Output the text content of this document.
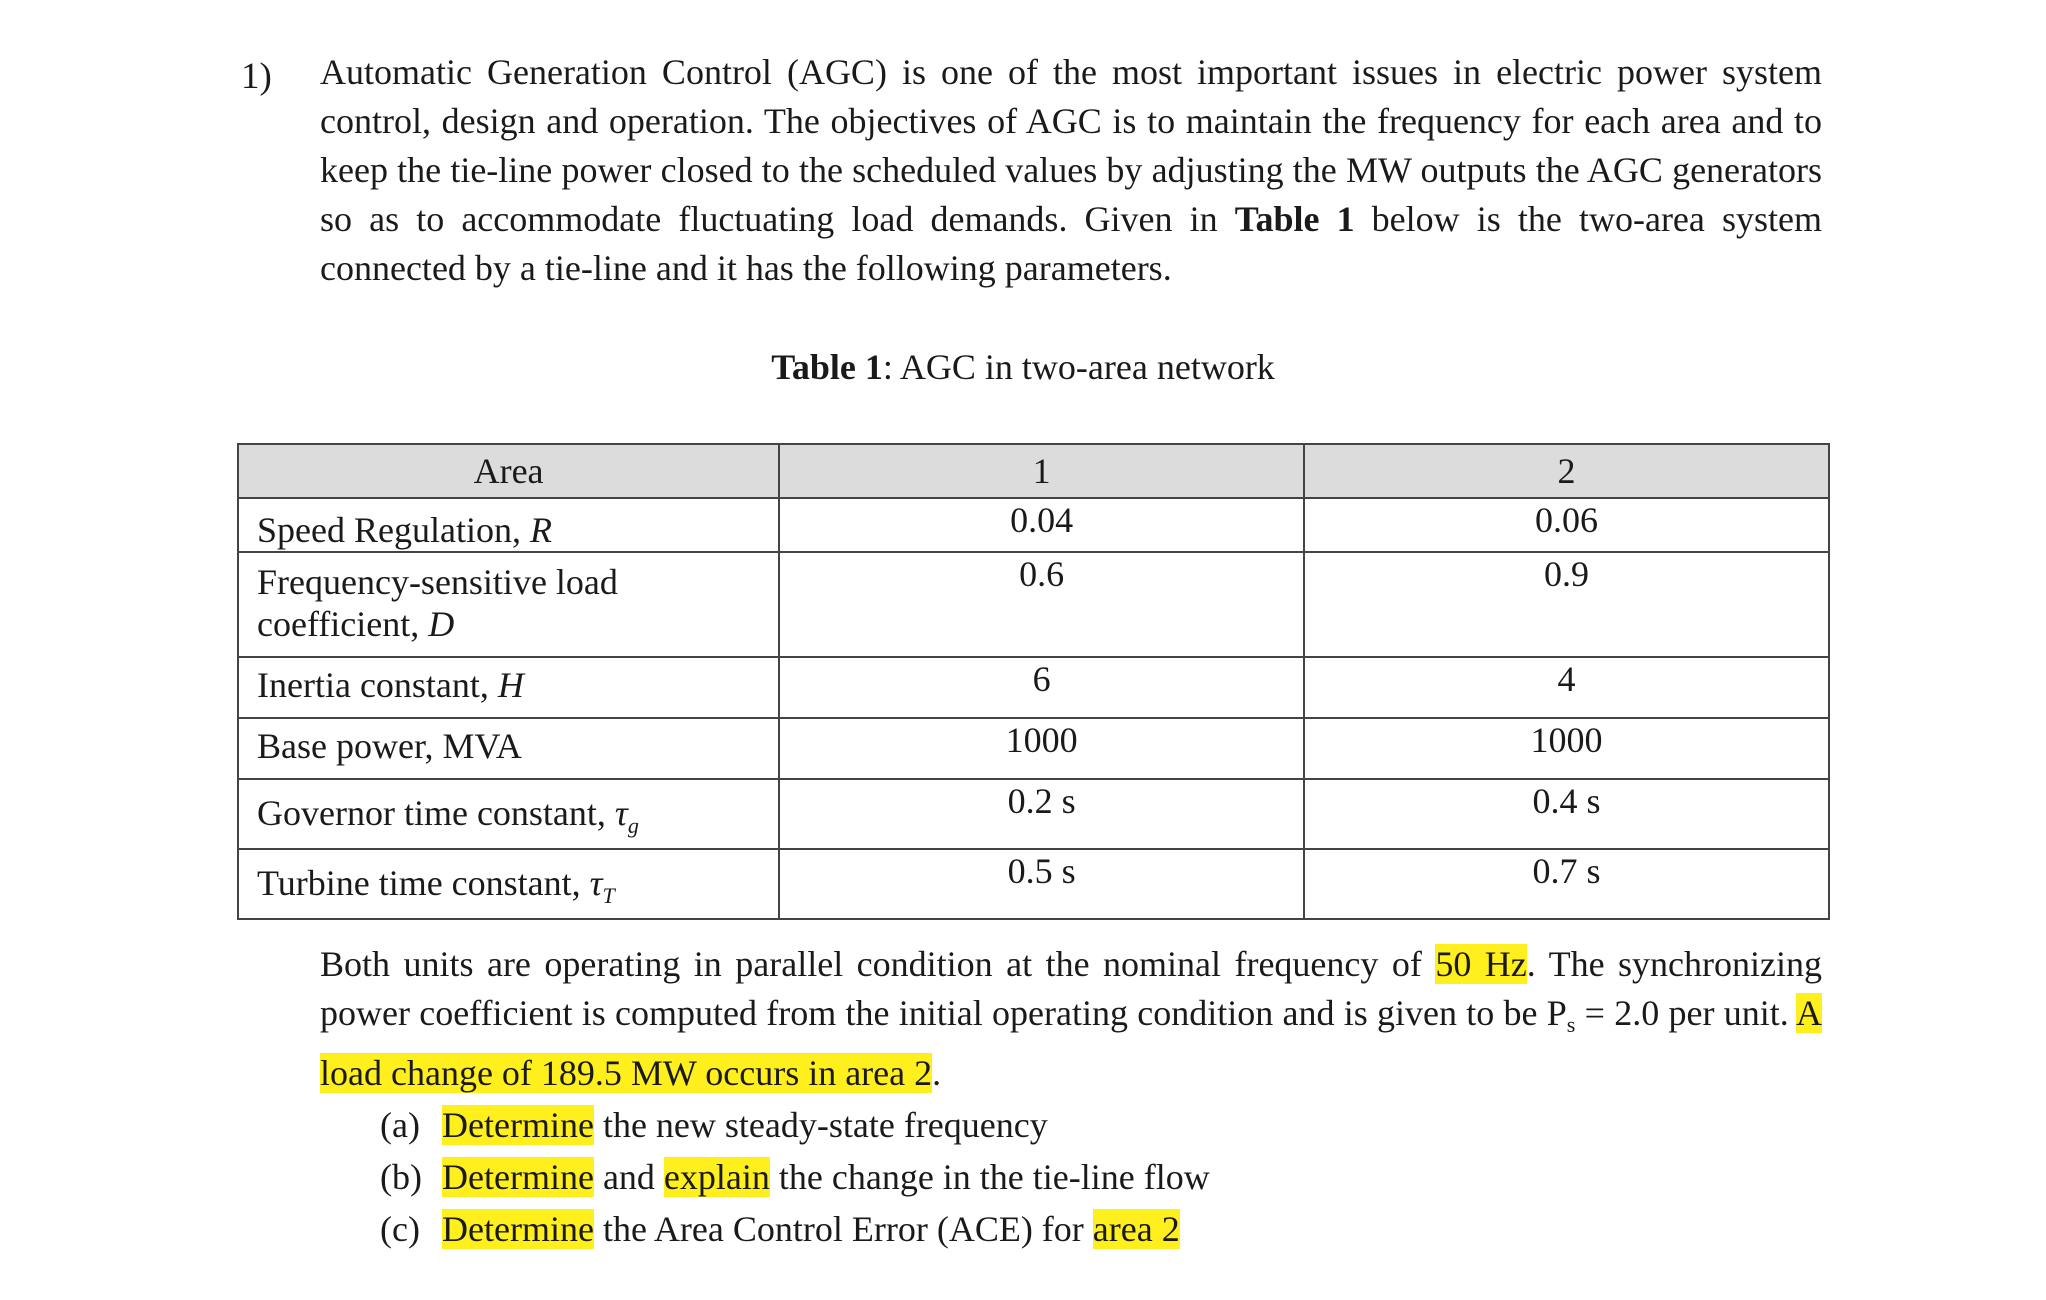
1) Automatic Generation Control (AGC) is one of the most important issues in electric power system control, design and operation. The objectives of AGC is to maintain the frequency for each area and to keep the tie-line power closed to the scheduled values by adjusting the MW outputs the AGC generators so as to accommodate fluctuating load demands. Given in Table 1 below is the two-area system connected by a tie-line and it has the following parameters.
Table 1: AGC in two-area network
Area	1	2
Speed Regulation, R	0.04	0.06
Frequency-sensitive load
coefficient, D	0.6	0.9
Inertia constant, H	6	4
Base power, MVA	1000	1000
Governor time constant, $\tau_g$	0.2 s	0.4 s
Turbine time constant, $\tau_T$	0.5 s	0.7 s
Both units are operating in parallel condition at the nominal frequency of 50 Hz. The synchronizing power coefficient is computed from the initial operating condition and is given to be Ps = 2.0 per unit. A load change of 189.5 MW occurs in area 2.
(a) Determine the new steady-state frequency
(b) Determine and explain the change in the tie-line flow
(c) Determine the Area Control Error (ACE) for area 2
